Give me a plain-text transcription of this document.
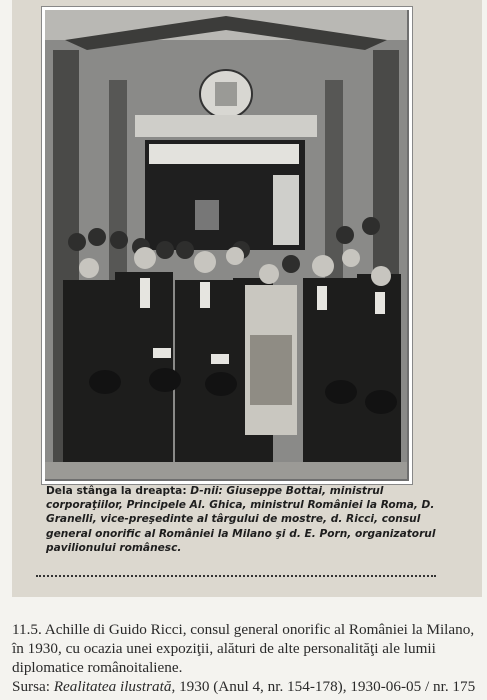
Dela stânga la dreapta: D-nii: Giuseppe Bottai, ministrul corporaţiilor, Principele Al. Ghica, ministrul României la Roma, D. Granelli, vice-preşedinte al târgului de mostre, d. Ricci, consul general onorific al României la Milano şi d. E. Porn, organizatorul pavilionului românesc.

11.5. Achille di Guido Ricci, consul general onorific al României la Milano, în 1930, cu ocazia unei expoziţii, alături de alte personalităţi ale lumii diplomatice românoitaliene.

Sursa: Realitatea ilustrată, 1930 (Anul 4, nr. 154-178), 1930-06-05 / nr. 175
